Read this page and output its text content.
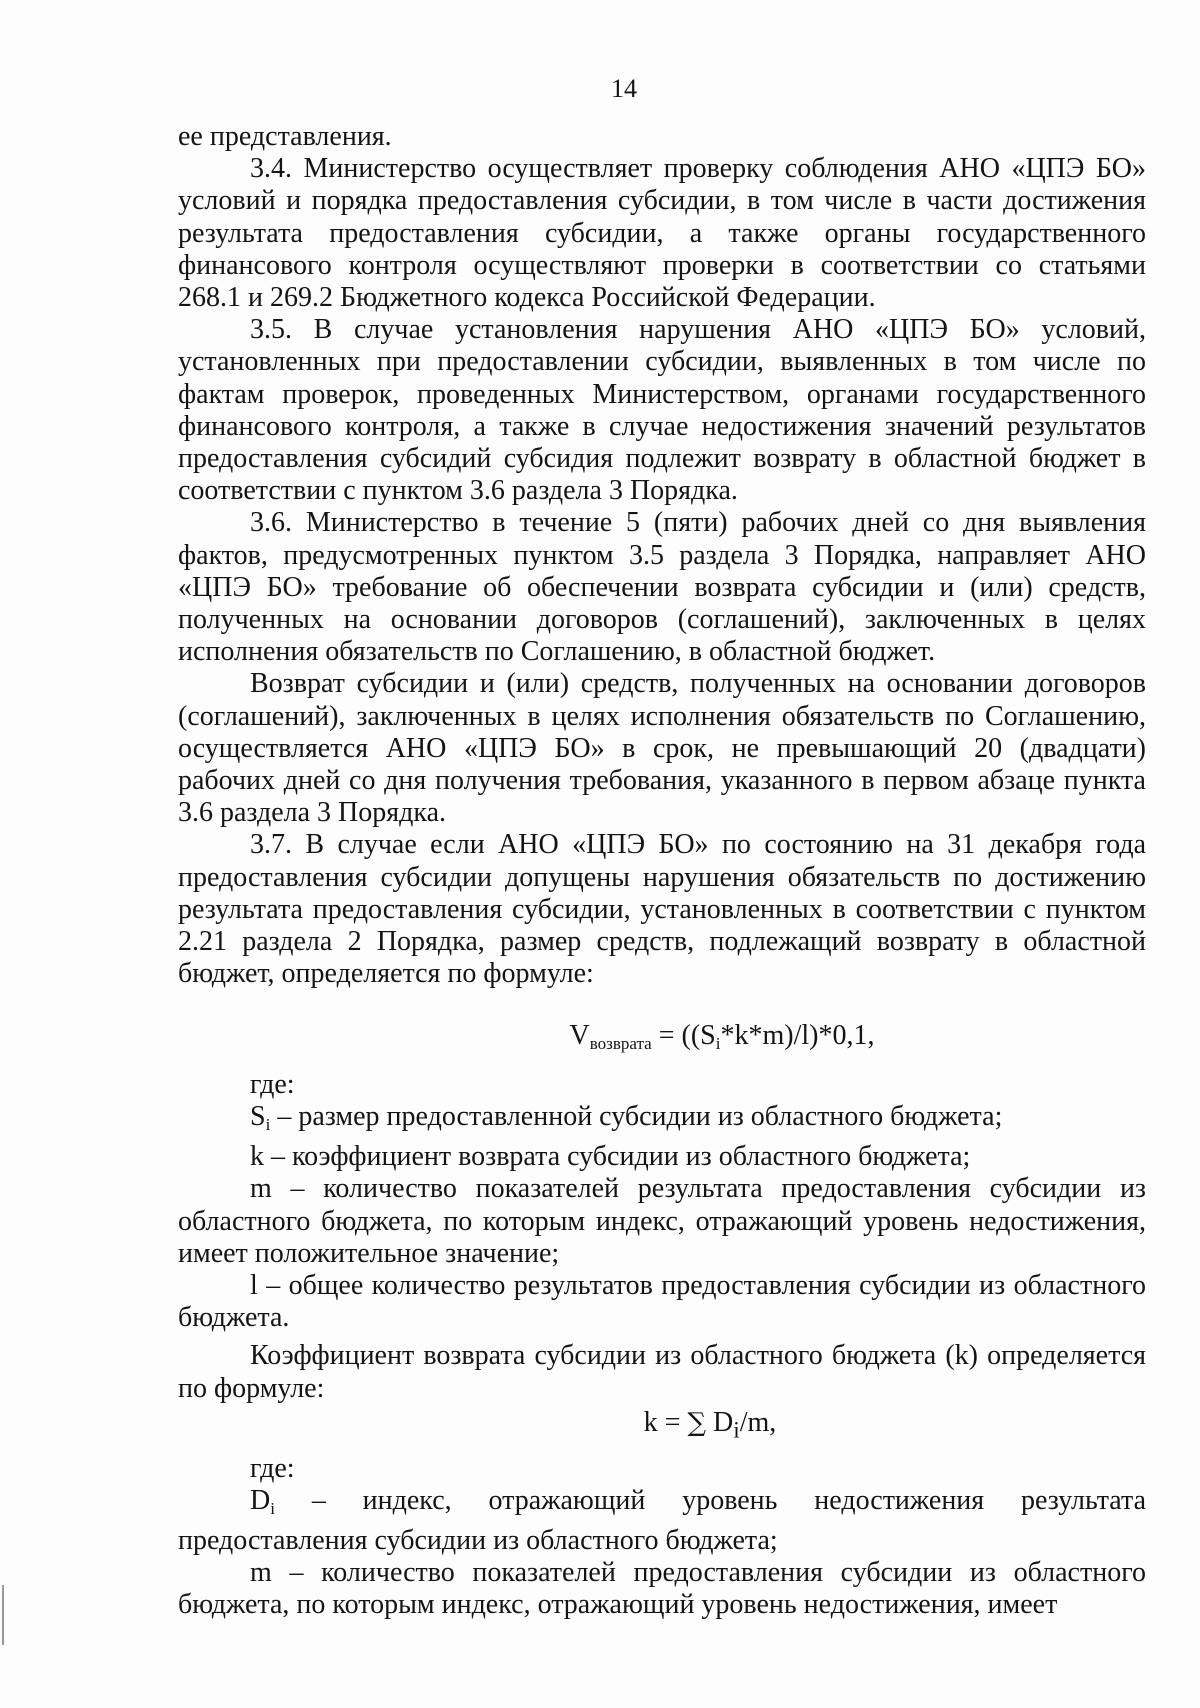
14

ее представления.

3.4. Министерство осуществляет проверку соблюдения АНО «ЦПЭ БО» условий и порядка предоставления субсидии, в том числе в части достижения результата предоставления субсидии, а также органы государственного финансового контроля осуществляют проверки в соответствии со статьями 268.1 и 269.2 Бюджетного кодекса Российской Федерации.

3.5. В случае установления нарушения АНО «ЦПЭ БО» условий, установленных при предоставлении субсидии, выявленных в том числе по фактам проверок, проведенных Министерством, органами государственного финансового контроля, а также в случае недостижения значений результатов предоставления субсидий субсидия подлежит возврату в областной бюджет в соответствии с пунктом 3.6 раздела 3 Порядка.

3.6. Министерство в течение 5 (пяти) рабочих дней со дня выявления фактов, предусмотренных пунктом 3.5 раздела 3 Порядка, направляет АНО «ЦПЭ БО» требование об обеспечении возврата субсидии и (или) средств, полученных на основании договоров (соглашений), заключенных в целях исполнения обязательств по Соглашению, в областной бюджет.

Возврат субсидии и (или) средств, полученных на основании договоров (соглашений), заключенных в целях исполнения обязательств по Соглашению, осуществляется АНО «ЦПЭ БО» в срок, не превышающий 20 (двадцати) рабочих дней со дня получения требования, указанного в первом абзаце пункта 3.6 раздела 3 Порядка.

3.7. В случае если АНО «ЦПЭ БО» по состоянию на 31 декабря года предоставления субсидии допущены нарушения обязательств по достижению результата предоставления субсидии, установленных в соответствии с пунктом 2.21 раздела 2 Порядка, размер средств, подлежащий возврату в областной бюджет, определяется по формуле:

$V_{возврата} = ((S_i*k*m)/l)*0,1$,

где:

$S_i$ – размер предоставленной субсидии из областного бюджета;

k – коэффициент возврата субсидии из областного бюджета;

m – количество показателей результата предоставления субсидии из областного бюджета, по которым индекс, отражающий уровень недостижения, имеет положительное значение;

l – общее количество результатов предоставления субсидии из областного бюджета.

Коэффициент возврата субсидии из областного бюджета (k) определяется по формуле:

k = ∑ $D_i/m$,

где:

$D_i$ – индекс, отражающий уровень недостижения результата предоставления субсидии из областного бюджета;

m – количество показателей предоставления субсидии из областного бюджета, по которым индекс, отражающий уровень недостижения, имеет
